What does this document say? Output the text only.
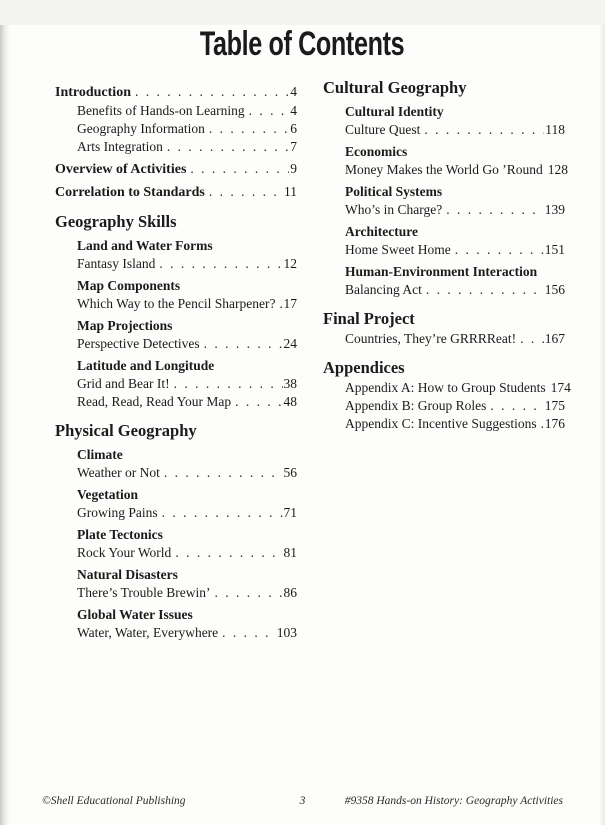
Table of Contents
Introduction . . .	4
Benefits of Hands-on Learning . . .	4
Geography Information . . .	6
Arts Integration . . .	7
Overview of Activities . . .	9
Correlation to Standards . . .	11
Geography Skills
Land and Water Forms
Fantasy Island . . .	12
Map Components
Which Way to the Pencil Sharpener? . . . 17
Map Projections
Perspective Detectives . . .	24
Latitude and Longitude
Grid and Bear It! . . .	38
Read, Read, Read Your Map . . .	48
Physical Geography
Climate
Weather or Not . . .	56
Vegetation
Growing Pains . . .	71
Plate Tectonics
Rock Your World . . .	81
Natural Disasters
There’s Trouble Brewin’ . . .	86
Global Water Issues
Water, Water, Everywhere . . .	103
Cultural Geography
Cultural Identity
Culture Quest . . .	118
Economics
Money Makes the World Go ’Round 128
Political Systems
Who’s in Charge? . . .	139
Architecture
Home Sweet Home . . .	151
Human-Environment Interaction
Balancing Act . . .	156
Final Project
Countries, They’re GRRRReat! . . . 167
Appendices
Appendix A: How to Group Students 174
Appendix B: Group Roles . . .	175
Appendix C: Incentive Suggestions . . . 176
©Shell Educational Publishing	3	#9358 Hands-on History: Geography Activities
